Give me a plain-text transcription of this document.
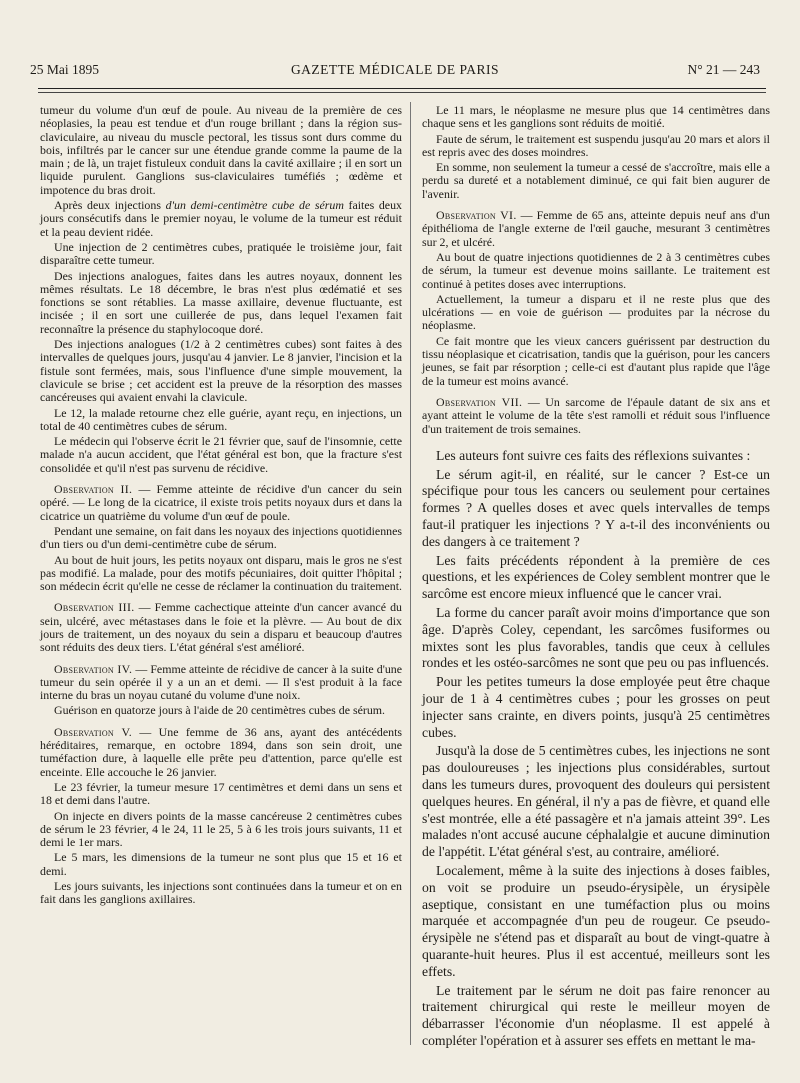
25 Mai 1895	GAZETTE MÉDICALE DE PARIS	N° 21 — 243

tumeur du volume d'un œuf de poule. Au niveau de la première de ces néoplasies, la peau est tendue et d'un rouge brillant ; dans la région sus-claviculaire, au niveau du muscle pectoral, les tissus sont durs comme du bois, infiltrés par le cancer sur une étendue grande comme la paume de la main ; de là, un trajet fistuleux conduit dans la cavité axillaire ; il en sort un liquide purulent. Ganglions sus-claviculaires tuméfiés ; œdème et impotence du bras droit.

Après deux injections d'un demi-centimètre cube de sérum faites deux jours consécutifs dans le premier noyau, le volume de la tumeur est réduit et la peau devient ridée.

Une injection de 2 centimètres cubes, pratiquée le troisième jour, fait disparaître cette tumeur.

Des injections analogues, faites dans les autres noyaux, donnent les mêmes résultats. Le 18 décembre, le bras n'est plus œdématié et ses fonctions se sont rétablies. La masse axillaire, devenue fluctuante, est incisée ; il en sort une cuillerée de pus, dans lequel l'examen fait reconnaître la présence du staphylocoque doré.

Des injections analogues (1/2 à 2 centimètres cubes) sont faites à des intervalles de quelques jours, jusqu'au 4 janvier. Le 8 janvier, l'incision et la fistule sont fermées, mais, sous l'influence d'une simple mouvement, la clavicule se brise ; cet accident est la preuve de la résorption des masses cancéreuses qui avaient envahi la clavicule.

Le 12, la malade retourne chez elle guérie, ayant reçu, en injections, un total de 40 centimètres cubes de sérum.

Le médecin qui l'observe écrit le 21 février que, sauf de l'insomnie, cette malade n'a aucun accident, que l'état général est bon, que la fracture s'est consolidée et qu'il n'est pas survenu de récidive.

Observation II. — Femme atteinte de récidive d'un cancer du sein opéré. — Le long de la cicatrice, il existe trois petits noyaux durs et dans la cicatrice un quatrième du volume d'un œuf de poule.

Pendant une semaine, on fait dans les noyaux des injections quotidiennes d'un tiers ou d'un demi-centimètre cube de sérum.

Au bout de huit jours, les petits noyaux ont disparu, mais le gros ne s'est pas modifié. La malade, pour des motifs pécuniaires, doit quitter l'hôpital ; son médecin écrit qu'elle ne cesse de réclamer la continuation du traitement.

Observation III. — Femme cachectique atteinte d'un cancer avancé du sein, ulcéré, avec métastases dans le foie et la plèvre. — Au bout de dix jours de traitement, un des noyaux du sein a disparu et beaucoup d'autres sont réduits des deux tiers. L'état général s'est amélioré.

Observation IV. — Femme atteinte de récidive de cancer à la suite d'une tumeur du sein opérée il y a un an et demi. — Il s'est produit à la face interne du bras un noyau cutané du volume d'une noix.

Guérison en quatorze jours à l'aide de 20 centimètres cubes de sérum.

Observation V. — Une femme de 36 ans, ayant des antécédents héréditaires, remarque, en octobre 1894, dans son sein droit, une tuméfaction dure, à laquelle elle prête peu d'attention, parce qu'elle est enceinte. Elle accouche le 26 janvier.

Le 23 février, la tumeur mesure 17 centimètres et demi dans un sens et 18 et demi dans l'autre.

On injecte en divers points de la masse cancéreuse 2 centimètres cubes de sérum le 23 février, 4 le 24, 11 le 25, 5 à 6 les trois jours suivants, 11 et demi le 1er mars.

Le 5 mars, les dimensions de la tumeur ne sont plus que 15 et 16 et demi.

Les jours suivants, les injections sont continuées dans la tumeur et on en fait dans les ganglions axillaires.

Le 11 mars, le néoplasme ne mesure plus que 14 centimètres dans chaque sens et les ganglions sont réduits de moitié.

Faute de sérum, le traitement est suspendu jusqu'au 20 mars et alors il est repris avec des doses moindres.

En somme, non seulement la tumeur a cessé de s'accroître, mais elle a perdu sa dureté et a notablement diminué, ce qui fait bien augurer de l'avenir.

Observation VI. — Femme de 65 ans, atteinte depuis neuf ans d'un épithélioma de l'angle externe de l'œil gauche, mesurant 3 centimètres sur 2, et ulcéré.

Au bout de quatre injections quotidiennes de 2 à 3 centimètres cubes de sérum, la tumeur est devenue moins saillante. Le traitement est continué à petites doses avec interruptions.

Actuellement, la tumeur a disparu et il ne reste plus que des ulcérations — en voie de guérison — produites par la nécrose du néoplasme.

Ce fait montre que les vieux cancers guérissent par destruction du tissu néoplasique et cicatrisation, tandis que la guérison, pour les cancers jeunes, se fait par résorption ; celle-ci est d'autant plus rapide que l'âge de la tumeur est moins avancé.

Observation VII. — Un sarcome de l'épaule datant de six ans et ayant atteint le volume de la tête s'est ramolli et réduit sous l'influence d'un traitement de trois semaines.

Les auteurs font suivre ces faits des réflexions suivantes :

Le sérum agit-il, en réalité, sur le cancer ? Est-ce un spécifique pour tous les cancers ou seulement pour certaines formes ? A quelles doses et avec quels intervalles de temps faut-il pratiquer les injections ? Y a-t-il des inconvénients ou des dangers à ce traitement ?

Les faits précédents répondent à la première de ces questions, et les expériences de Coley semblent montrer que le sarcôme est encore mieux influencé que le cancer vrai.

La forme du cancer paraît avoir moins d'importance que son âge. D'après Coley, cependant, les sarcômes fusiformes ou mixtes sont les plus favorables, tandis que ceux à cellules rondes et les ostéo-sarcômes ne sont que peu ou pas influencés.

Pour les petites tumeurs la dose employée peut être chaque jour de 1 à 4 centimètres cubes ; pour les grosses on peut injecter sans crainte, en divers points, jusqu'à 25 centimètres cubes.

Jusqu'à la dose de 5 centimètres cubes, les injections ne sont pas douloureuses ; les injections plus considérables, surtout dans les tumeurs dures, provoquent des douleurs qui persistent quelques heures. En général, il n'y a pas de fièvre, et quand elle s'est montrée, elle a été passagère et n'a jamais atteint 39°. Les malades n'ont accusé aucune céphalalgie et aucune diminution de l'appétit. L'état général s'est, au contraire, amélioré.

Localement, même à la suite des injections à doses faibles, on voit se produire un pseudo-érysipèle, un érysipèle aseptique, consistant en une tuméfaction plus ou moins marquée et accompagnée d'un peu de rougeur. Ce pseudo-érysipèle ne s'étend pas et disparaît au bout de vingt-quatre à quarante-huit heures. Plus il est accentué, meilleurs sont les effets.

Le traitement par le sérum ne doit pas faire renoncer au traitement chirurgical qui reste le meilleur moyen de débarrasser l'économie d'un néoplasme. Il est appelé à compléter l'opération et à assurer ses effets en mettant le ma-
